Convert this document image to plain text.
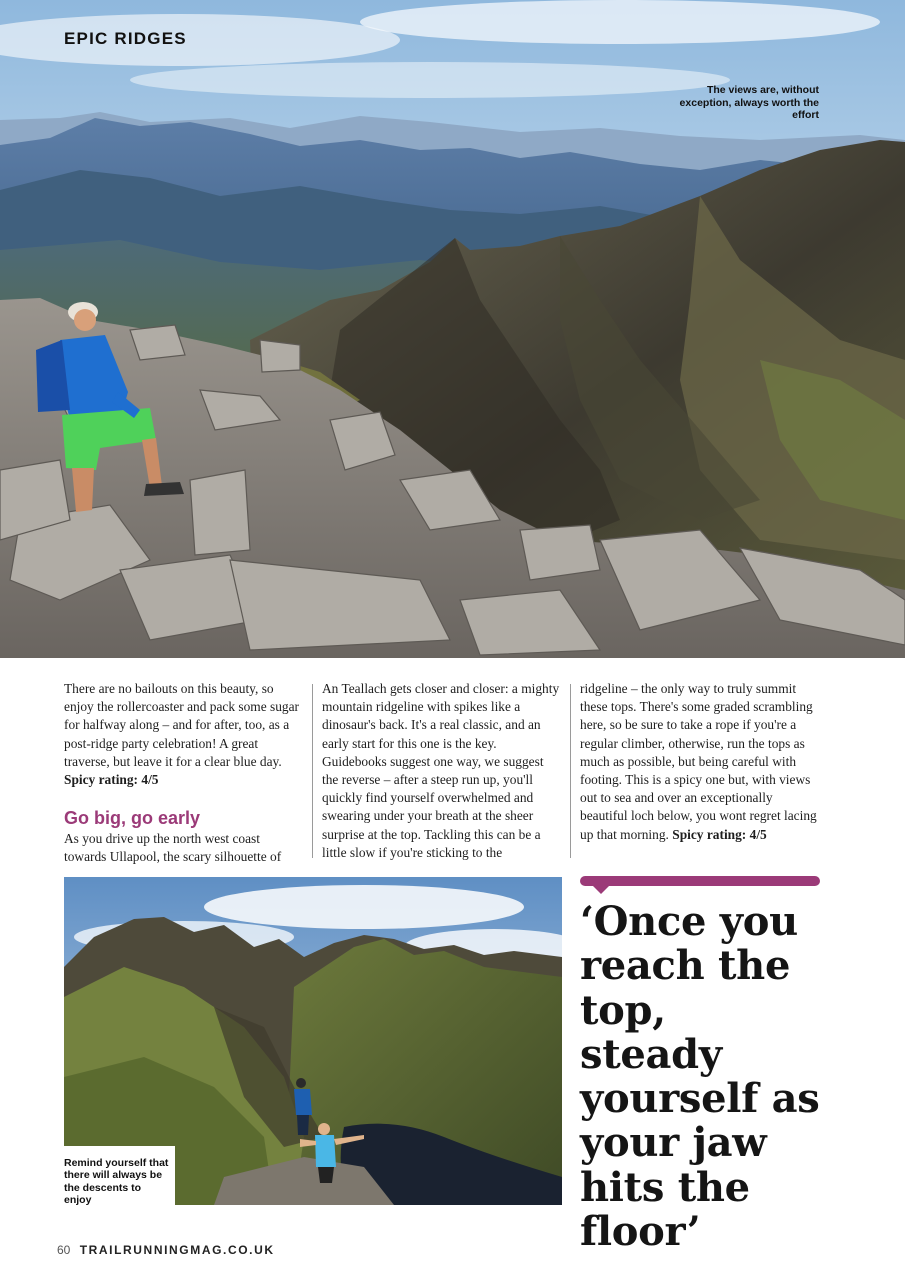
EPIC RIDGES
The views are, without exception, always worth the effort

There are no bailouts on this beauty, so enjoy the rollercoaster and pack some sugar for halfway along – and for after, too, as a post-ridge party celebration! A great traverse, but leave it for a clear blue day. Spicy rating: 4/5

Go big, go early

As you drive up the north west coast towards Ullapool, the scary silhouette of

An Teallach gets closer and closer: a mighty mountain ridgeline with spikes like a dinosaur's back. It's a real classic, and an early start for this one is the key. Guidebooks suggest one way, we suggest the reverse – after a steep run up, you'll quickly find yourself overwhelmed and swearing under your breath at the sheer surprise at the top. Tackling this can be a little slow if you're sticking to the

ridgeline – the only way to truly summit these tops. There's some graded scrambling here, so be sure to take a rope if you're a regular climber, otherwise, run the tops as much as possible, but being careful with footing. This is a spicy one but, with views out to sea and over an exceptionally beautiful loch below, you wont regret lacing up that morning. Spicy rating: 4/5

Remind yourself that there will always be the descents to enjoy
‘Once you reach the top, steady yourself as your jaw hits the floor’
60 TRAILRUNNINGMAG.CO.UK
